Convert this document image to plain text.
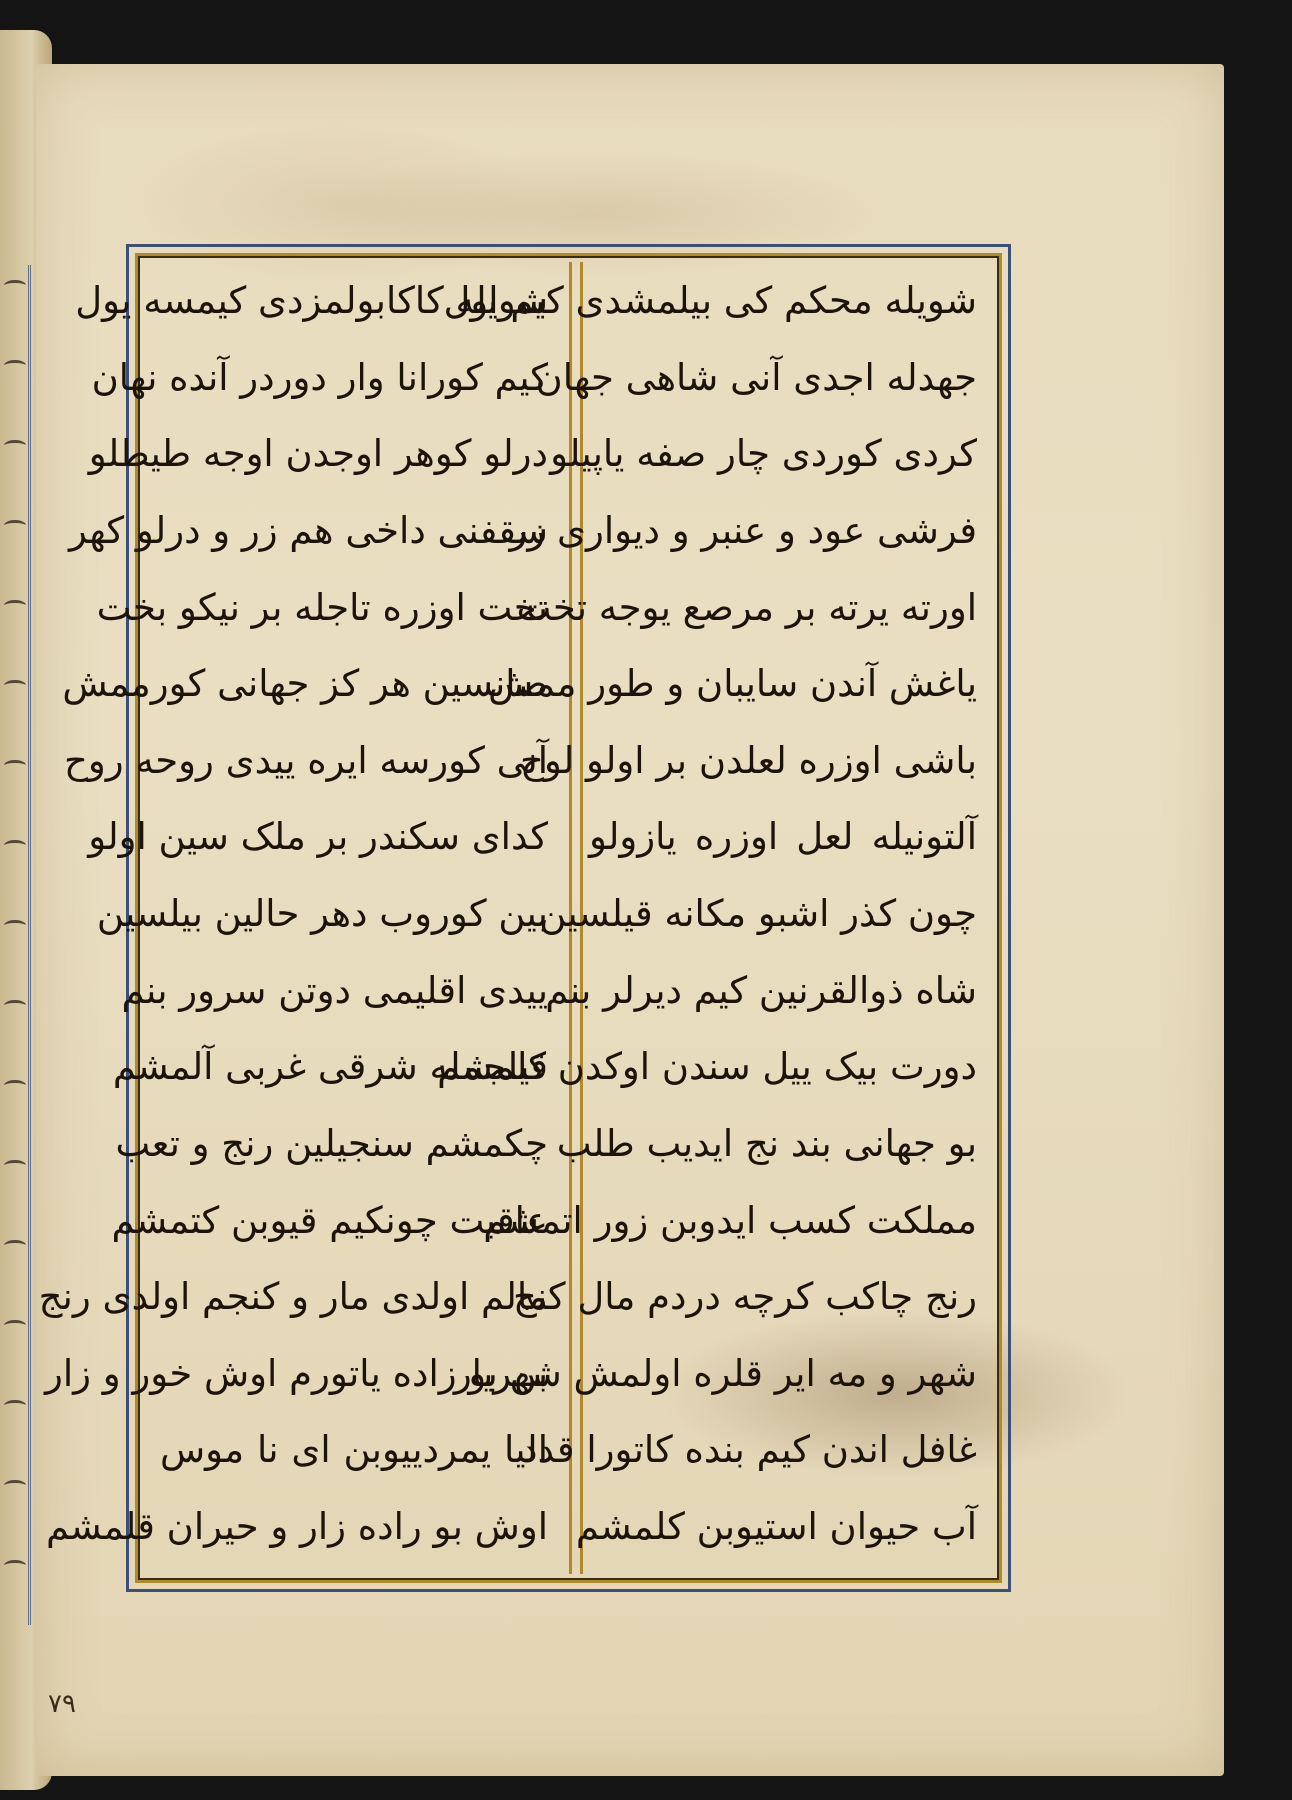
۷۹
شویله محکم کی بیلمشدی کیم اول
جهدله اجدی آنی شاهی جهان
کردی کوردی چار صفه یاپیلو
فرشی عود و عنبر و دیواری زر
اورته یرته بر مرصع یوجه تخت
یاغش آندن سایبان و طور ممش
باشی اوزره لعلدن بر اولو لوح
آلتونیله لعل اوزره یازولو
چون کذر اشبو مکانه قیلسین
شاه ذوالقرنین کیم دیرلر بنم
دورت بیک ییل سندن اوکدن کلمشم
بو جهانی بند نج ایدیب طلب
مملکت کسب ایدوبن زور اتمشم
رنج چاکب کرچه دردم مال کنج
شهر و مه ایر قلره اولمش شهریار
غافل اندن کیم بنده کاتورا قدد
آب حیوان استیوبن کلمشم
شویله کاکابولمزدی کیمسه یول
کیم کورانا وار دوردر آنده نهان
درلو کوهر اوجدن اوجه طیطلو
سقفنی داخی هم زر و درلو کهر
تخت اوزره تاجله بر نیکو بخت
صانسین هر کز جهانی کورممش
آنی کورسه ایره ییدی روحه روح
کدای سکندر بر ملک سین اولو
بین کوروب دهر حالین بیلسین
ییدی اقلیمی دوتن سرور بنم
قیلجمله شرقی غربی آلمشم
چکمشم سنجیلین رنج و تعب
عاقبت چونکیم قیوبن کتمشم
مالم اولدی مار و کنجم اولدی رنج
بن بو زاده یاتورم اوش خور و زار
الیا یمردییوبن ای نا موس
اوش بو راده زار و حیران قلمشم
